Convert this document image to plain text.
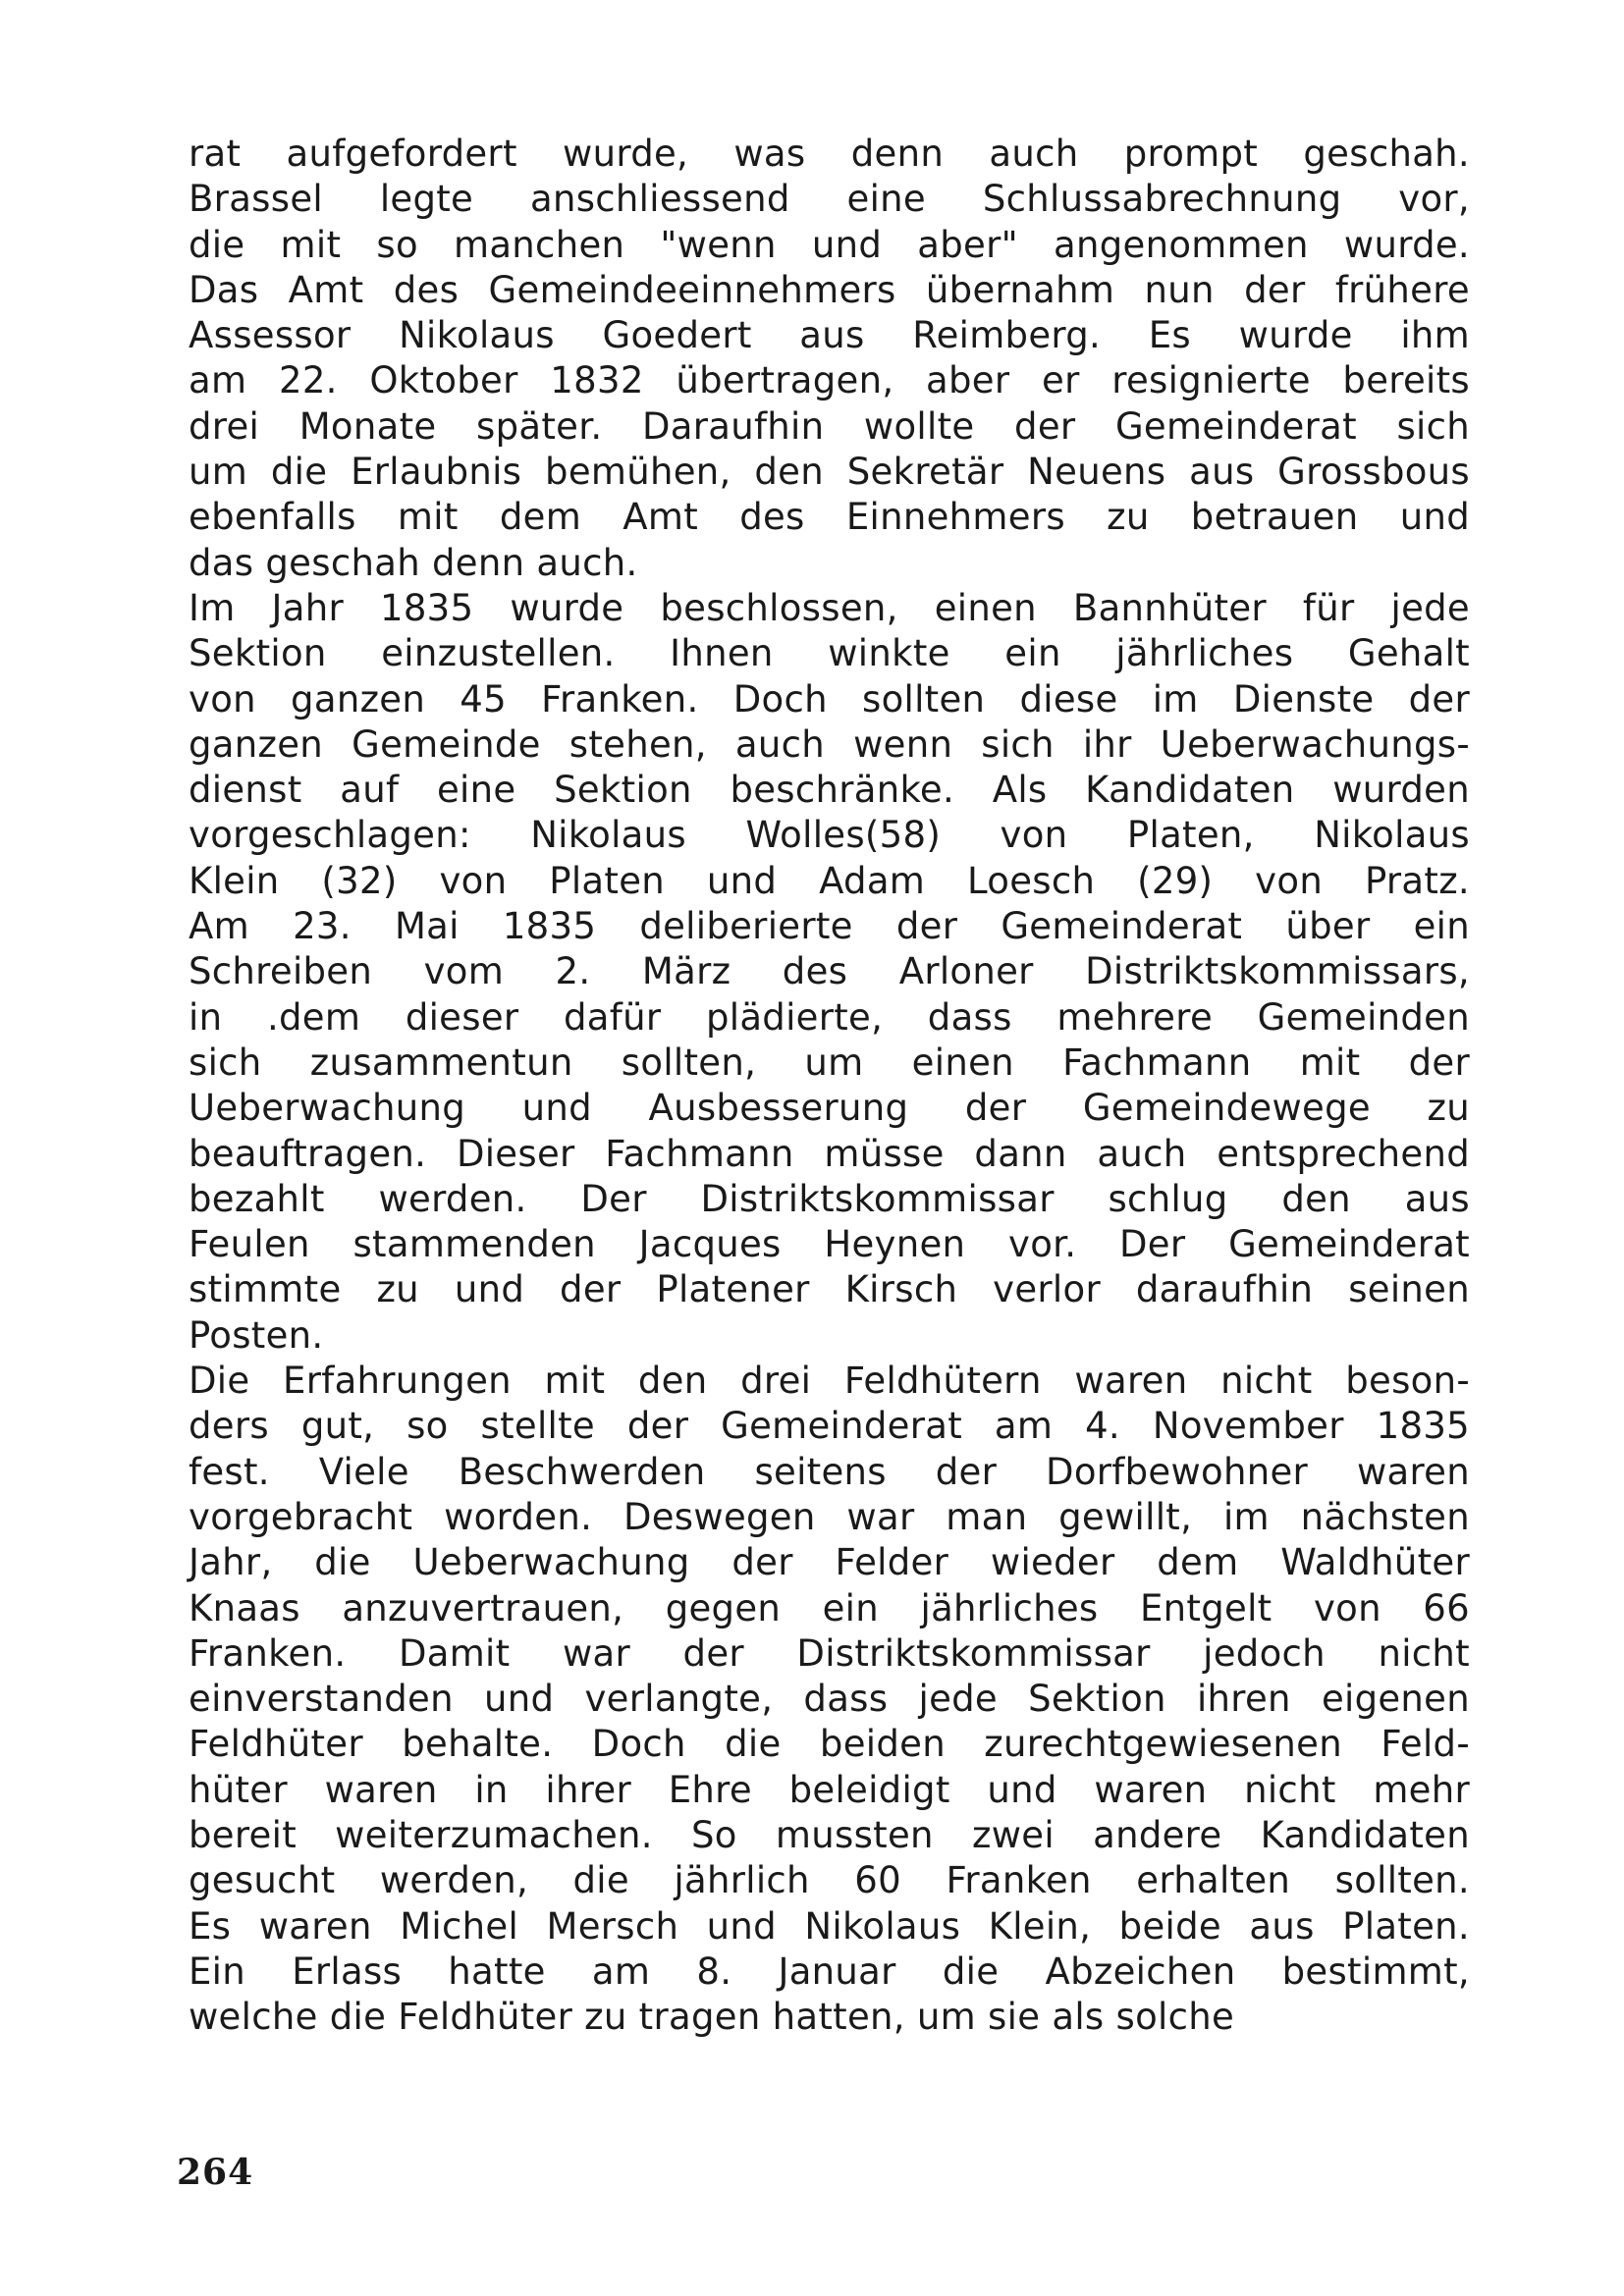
rat aufgefordert wurde, was denn auch prompt geschah.
Brassel legte anschliessend eine Schlussabrechnung vor,
die mit so manchen "wenn und aber" angenommen wurde.
Das Amt des Gemeindeeinnehmers übernahm nun der frühere
Assessor Nikolaus Goedert aus Reimberg. Es wurde ihm
am 22. Oktober 1832 übertragen, aber er resignierte bereits
drei Monate später. Daraufhin wollte der Gemeinderat sich
um die Erlaubnis bemühen, den Sekretär Neuens aus Grossbous
ebenfalls mit dem Amt des Einnehmers zu betrauen und
das geschah denn auch.
Im Jahr 1835 wurde beschlossen, einen Bannhüter für jede
Sektion einzustellen. Ihnen winkte ein jährliches Gehalt
von ganzen 45 Franken. Doch sollten diese im Dienste der
ganzen Gemeinde stehen, auch wenn sich ihr Ueberwachungs-
dienst auf eine Sektion beschränke. Als Kandidaten wurden
vorgeschlagen: Nikolaus Wolles(58) von Platen, Nikolaus
Klein (32) von Platen und Adam Loesch (29) von Pratz.
Am 23. Mai 1835 deliberierte der Gemeinderat über ein
Schreiben vom 2. März des Arloner Distriktskommissars,
in .dem dieser dafür plädierte, dass mehrere Gemeinden
sich zusammentun sollten, um einen Fachmann mit der
Ueberwachung und Ausbesserung der Gemeindewege zu
beauftragen. Dieser Fachmann müsse dann auch entsprechend
bezahlt werden. Der Distriktskommissar schlug den aus
Feulen stammenden Jacques Heynen vor. Der Gemeinderat
stimmte zu und der Platener Kirsch verlor daraufhin seinen
Posten.
Die Erfahrungen mit den drei Feldhütern waren nicht beson-
ders gut, so stellte der Gemeinderat am 4. November 1835
fest. Viele Beschwerden seitens der Dorfbewohner waren
vorgebracht worden. Deswegen war man gewillt, im nächsten
Jahr, die Ueberwachung der Felder wieder dem Waldhüter
Knaas anzuvertrauen, gegen ein jährliches Entgelt von 66
Franken. Damit war der Distriktskommissar jedoch nicht
einverstanden und verlangte, dass jede Sektion ihren eigenen
Feldhüter behalte. Doch die beiden zurechtgewiesenen Feld-
hüter waren in ihrer Ehre beleidigt und waren nicht mehr
bereit weiterzumachen. So mussten zwei andere Kandidaten
gesucht werden, die jährlich 60 Franken erhalten sollten.
Es waren Michel Mersch und Nikolaus Klein, beide aus Platen.
Ein Erlass hatte am 8. Januar die Abzeichen bestimmt,
welche die Feldhüter zu tragen hatten, um sie als solche
264
